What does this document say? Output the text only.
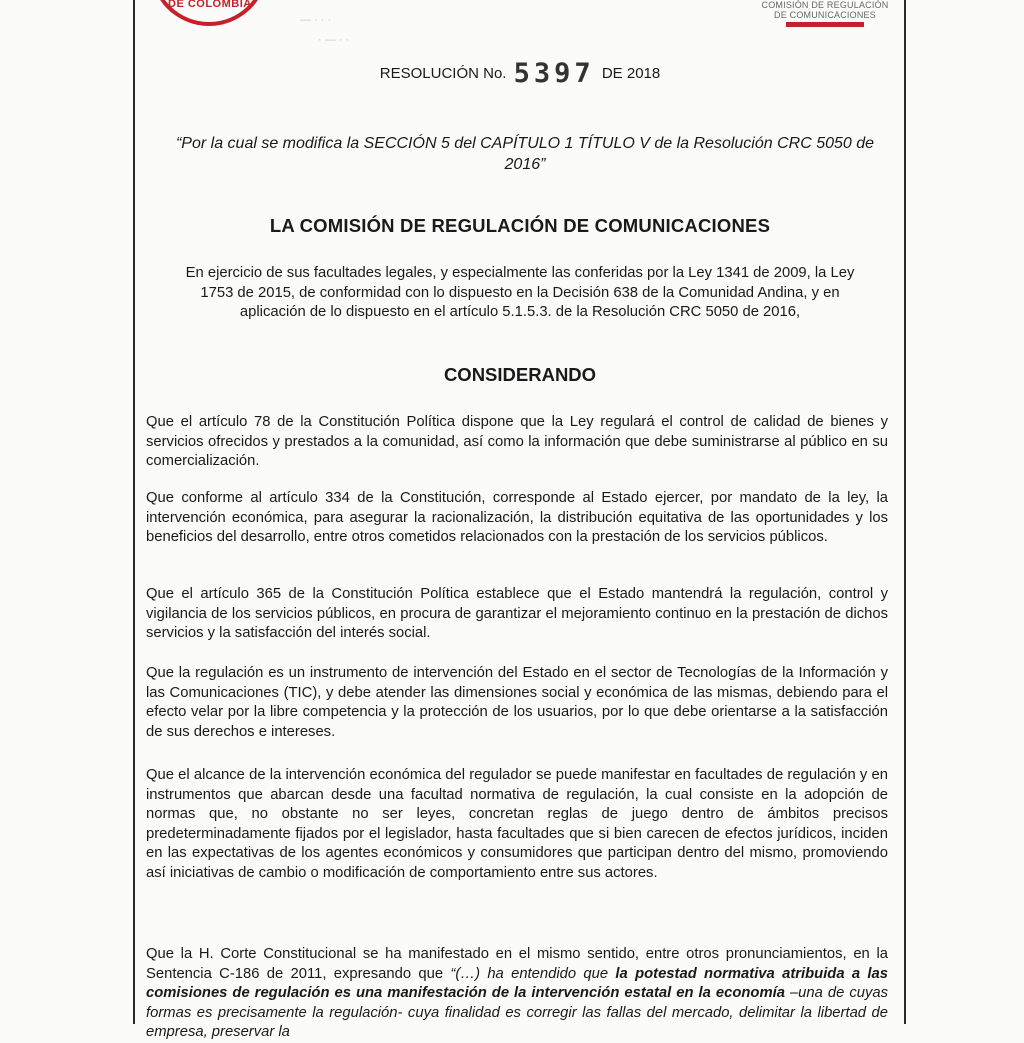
DE COLOMBIA
— · · ·
· — · ·
COMISIÓN DE REGULACIÓN
DE COMUNICACIONES
RESOLUCIÓN No. 5397 DE 2018
“Por la cual se modifica la SECCIÓN 5 del CAPÍTULO 1 TÍTULO V de la Resolución CRC 5050 de 2016”
LA COMISIÓN DE REGULACIÓN DE COMUNICACIONES
En ejercicio de sus facultades legales, y especialmente las conferidas por la Ley 1341 de 2009, la Ley 1753 de 2015, de conformidad con lo dispuesto en la Decisión 638 de la Comunidad Andina, y en aplicación de lo dispuesto en el artículo 5.1.5.3. de la Resolución CRC 5050 de 2016,
CONSIDERANDO
Que el artículo 78 de la Constitución Política dispone que la Ley regulará el control de calidad de bienes y servicios ofrecidos y prestados a la comunidad, así como la información que debe suministrarse al público en su comercialización.
Que conforme al artículo 334 de la Constitución, corresponde al Estado ejercer, por mandato de la ley, la intervención económica, para asegurar la racionalización, la distribución equitativa de las oportunidades y los beneficios del desarrollo, entre otros cometidos relacionados con la prestación de los servicios públicos.
Que el artículo 365 de la Constitución Política establece que el Estado mantendrá la regulación, control y vigilancia de los servicios públicos, en procura de garantizar el mejoramiento continuo en la prestación de dichos servicios y la satisfacción del interés social.
Que la regulación es un instrumento de intervención del Estado en el sector de Tecnologías de la Información y las Comunicaciones (TIC), y debe atender las dimensiones social y económica de las mismas, debiendo para el efecto velar por la libre competencia y la protección de los usuarios, por lo que debe orientarse a la satisfacción de sus derechos e intereses.
Que el alcance de la intervención económica del regulador se puede manifestar en facultades de regulación y en instrumentos que abarcan desde una facultad normativa de regulación, la cual consiste en la adopción de normas que, no obstante no ser leyes, concretan reglas de juego dentro de ámbitos precisos predeterminadamente fijados por el legislador, hasta facultades que si bien carecen de efectos jurídicos, inciden en las expectativas de los agentes económicos y consumidores que participan dentro del mismo, promoviendo así iniciativas de cambio o modificación de comportamiento entre sus actores.
Que la H. Corte Constitucional se ha manifestado en el mismo sentido, entre otros pronunciamientos, en la Sentencia C-186 de 2011, expresando que “(…) ha entendido que la potestad normativa atribuida a las comisiones de regulación es una manifestación de la intervención estatal en la economía –una de cuyas formas es precisamente la regulación- cuya finalidad es corregir las fallas del mercado, delimitar la libertad de empresa, preservar la
